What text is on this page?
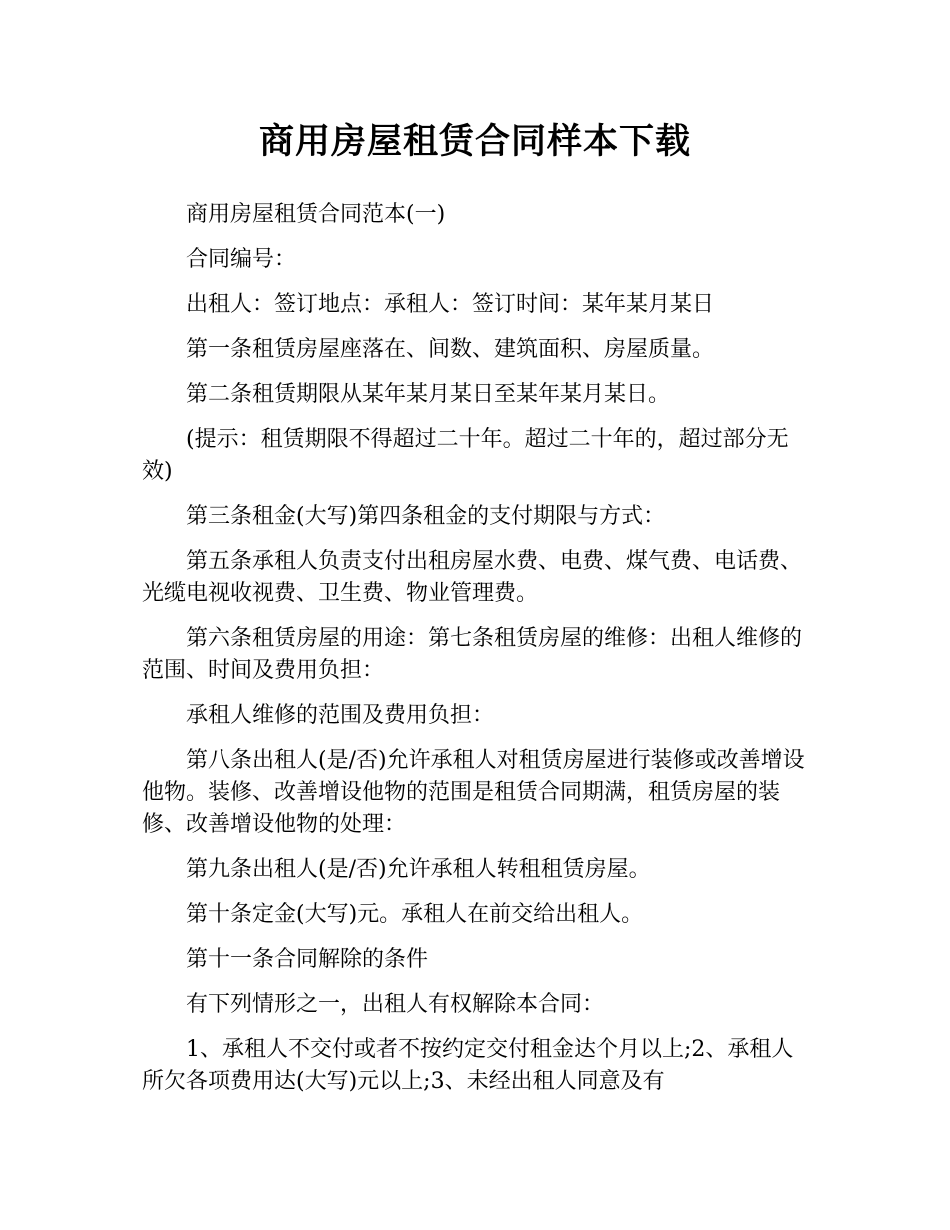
商用房屋租赁合同样本下载

商用房屋租赁合同范本(一)

合同编号：

出租人：签订地点：承租人：签订时间：某年某月某日

第一条租赁房屋座落在、间数、建筑面积、房屋质量。

第二条租赁期限从某年某月某日至某年某月某日。

(提示：租赁期限不得超过二十年。超过二十年的，超过部分无效)

第三条租金(大写)第四条租金的支付期限与方式：

第五条承租人负责支付出租房屋水费、电费、煤气费、电话费、光缆电视收视费、卫生费、物业管理费。

第六条租赁房屋的用途：第七条租赁房屋的维修：出租人维修的范围、时间及费用负担：

承租人维修的范围及费用负担：

第八条出租人(是/否)允许承租人对租赁房屋进行装修或改善增设他物。装修、改善增设他物的范围是租赁合同期满，租赁房屋的装修、改善增设他物的处理：

第九条出租人(是/否)允许承租人转租租赁房屋。

第十条定金(大写)元。承租人在前交给出租人。

第十一条合同解除的条件

有下列情形之一，出租人有权解除本合同：

1、承租人不交付或者不按约定交付租金达个月以上;2、承租人所欠各项费用达(大写)元以上;3、未经出租人同意及有
